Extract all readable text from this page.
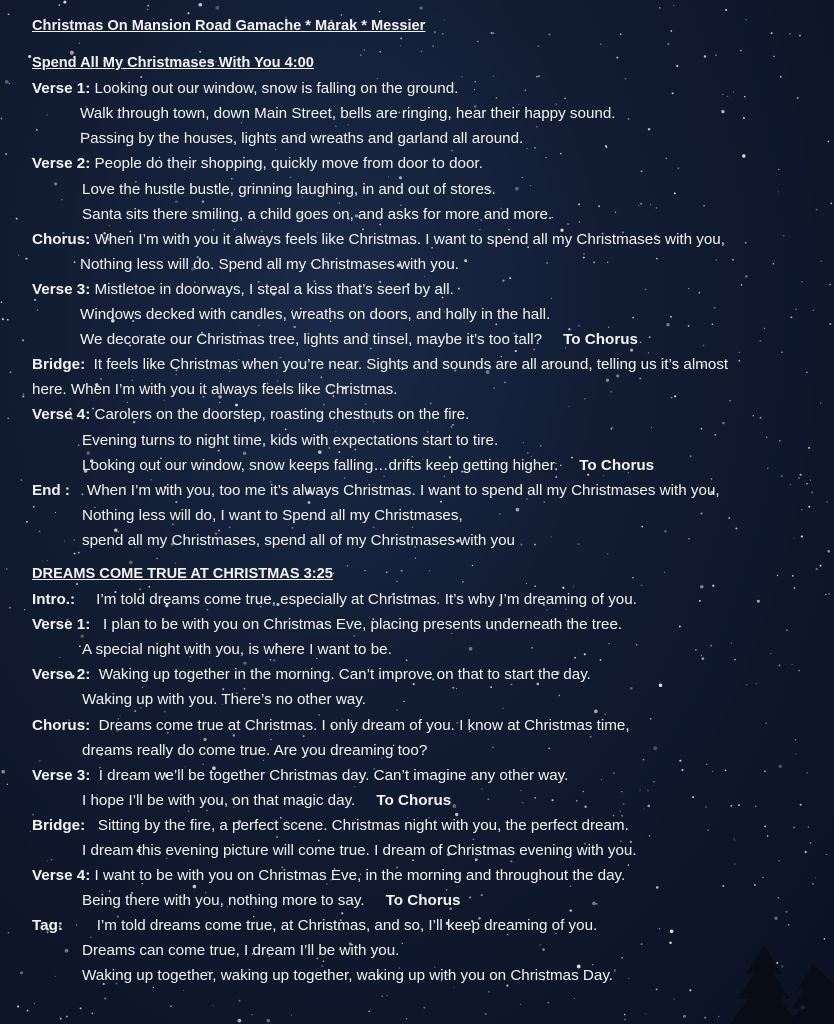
Christmas On Mansion Road Gamache * Marak * Messier
Spend All My Christmases With You 4:00
Verse 1: Looking out our window, snow is falling on the ground.
Walk through town, down Main Street, bells are ringing, hear their happy sound.
Passing by the houses, lights and wreaths and garland all around.
Verse 2: People do their shopping, quickly move from door to door.
Love the hustle bustle, grinning laughing, in and out of stores.
Santa sits there smiling, a child goes on, and asks for more and more.
Chorus: When I’m with you it always feels like Christmas. I want to spend all my Christmases with you,
Nothing less will do. Spend all my Christmases with you.
Verse 3: Mistletoe in doorways, I steal a kiss that’s seen by all.
Windows decked with candles, wreaths on doors, and holly in the hall.
We decorate our Christmas tree, lights and tinsel, maybe it’s too tall? To Chorus
Bridge: It feels like Christmas when you’re near. Sights and sounds are all around, telling us it’s almost
here. When I’m with you it always feels like Christmas.
Verse 4: Carolers on the doorstep, roasting chestnuts on the fire.
Evening turns to night time, kids with expectations start to tire.
Looking out our window, snow keeps falling…drifts keep getting higher. To Chorus
End : When I’m with you, too me it’s always Christmas. I want to spend all my Christmases with you,
Nothing less will do, I want to Spend all my Christmases,
spend all my Christmases, spend all of my Christmases with you
DREAMS COME TRUE AT CHRISTMAS 3:25
Intro.: I’m told dreams come true, especially at Christmas. It’s why I’m dreaming of you.
Verse 1: I plan to be with you on Christmas Eve, placing presents underneath the tree.
A special night with you, is where I want to be.
Verse 2: Waking up together in the morning. Can’t improve on that to start the day.
Waking up with you. There’s no other way.
Chorus: Dreams come true at Christmas. I only dream of you. I know at Christmas time,
dreams really do come true. Are you dreaming too?
Verse 3: I dream we’ll be together Christmas day. Can’t imagine any other way.
I hope I’ll be with you, on that magic day. To Chorus
Bridge: Sitting by the fire, a perfect scene. Christmas night with you, the perfect dream.
I dream this evening picture will come true. I dream of Christmas evening with you.
Verse 4: I want to be with you on Christmas Eve, in the morning and throughout the day.
Being there with you, nothing more to say. To Chorus
Tag: I’m told dreams come true, at Christmas, and so, I’ll keep dreaming of you.
Dreams can come true, I dream I’ll be with you.
Waking up together, waking up together, waking up with you on Christmas Day.
